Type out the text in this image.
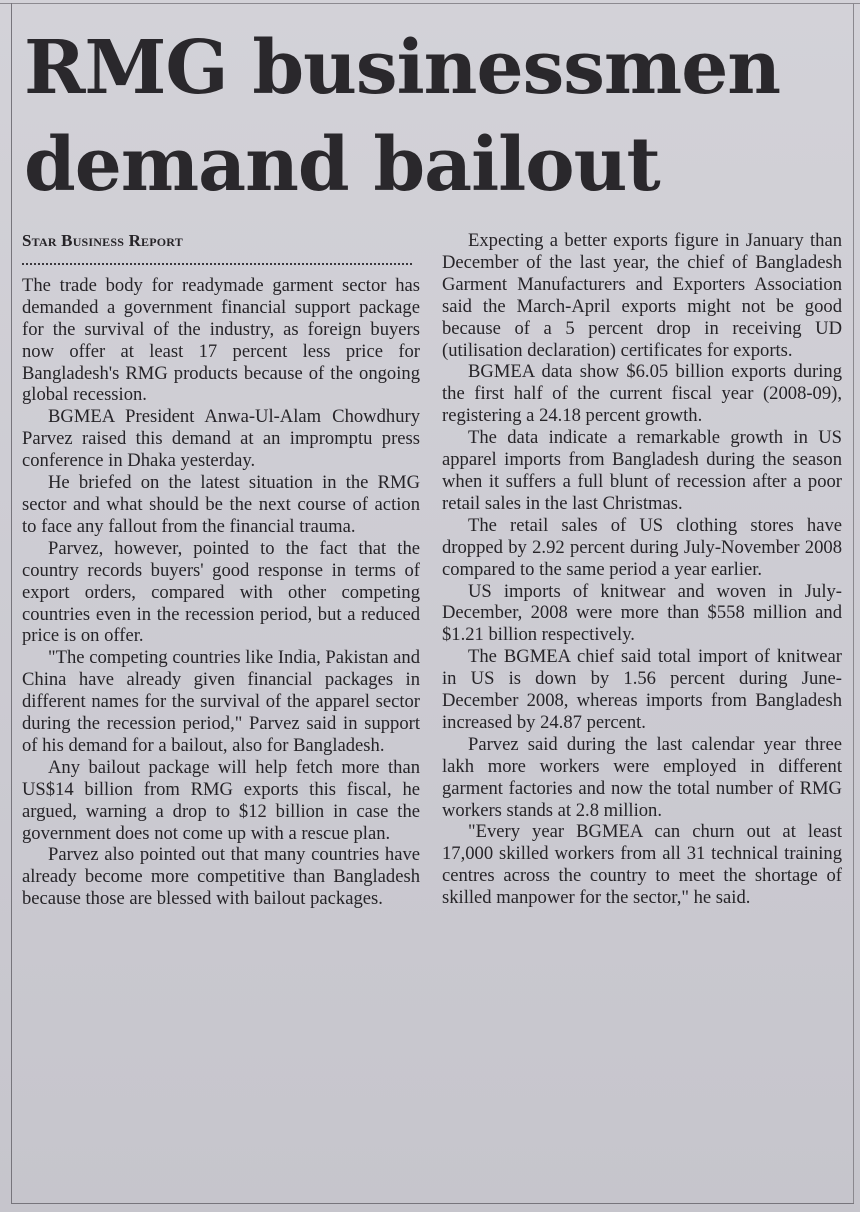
RMG businessmen demand bailout

Star Business Report

The trade body for readymade garment sector has demanded a government financial support package for the survival of the industry, as foreign buyers now offer at least 17 percent less price for Bangladesh's RMG products because of the ongoing global recession.

BGMEA President Anwa-Ul-Alam Chowdhury Parvez raised this demand at an impromptu press conference in Dhaka yesterday.

He briefed on the latest situation in the RMG sector and what should be the next course of action to face any fallout from the financial trauma.

Parvez, however, pointed to the fact that the country records buyers' good response in terms of export orders, compared with other competing countries even in the recession period, but a reduced price is on offer.

"The competing countries like India, Pakistan and China have already given financial packages in different names for the survival of the apparel sector during the recession period," Parvez said in support of his demand for a bailout, also for Bangladesh.

Any bailout package will help fetch more than US$14 billion from RMG exports this fiscal, he argued, warning a drop to $12 billion in case the government does not come up with a rescue plan.

Parvez also pointed out that many countries have already become more competitive than Bangladesh because those are blessed with bailout packages.

Expecting a better exports figure in January than December of the last year, the chief of Bangladesh Garment Manufacturers and Exporters Association said the March-April exports might not be good because of a 5 percent drop in receiving UD (utilisation declaration) certificates for exports.

BGMEA data show $6.05 billion exports during the first half of the current fiscal year (2008-09), registering a 24.18 percent growth.

The data indicate a remarkable growth in US apparel imports from Bangladesh during the season when it suffers a full blunt of recession after a poor retail sales in the last Christmas.

The retail sales of US clothing stores have dropped by 2.92 percent during July-November 2008 compared to the same period a year earlier.

US imports of knitwear and woven in July- December, 2008 were more than $558 million and $1.21 billion respectively.

The BGMEA chief said total import of knitwear in US is down by 1.56 percent during June-December 2008, whereas imports from Bangladesh increased by 24.87 percent.

Parvez said during the last calendar year three lakh more workers were employed in different garment factories and now the total number of RMG workers stands at 2.8 million.

"Every year BGMEA can churn out at least 17,000 skilled workers from all 31 technical training centres across the country to meet the shortage of skilled manpower for the sector," he said.
